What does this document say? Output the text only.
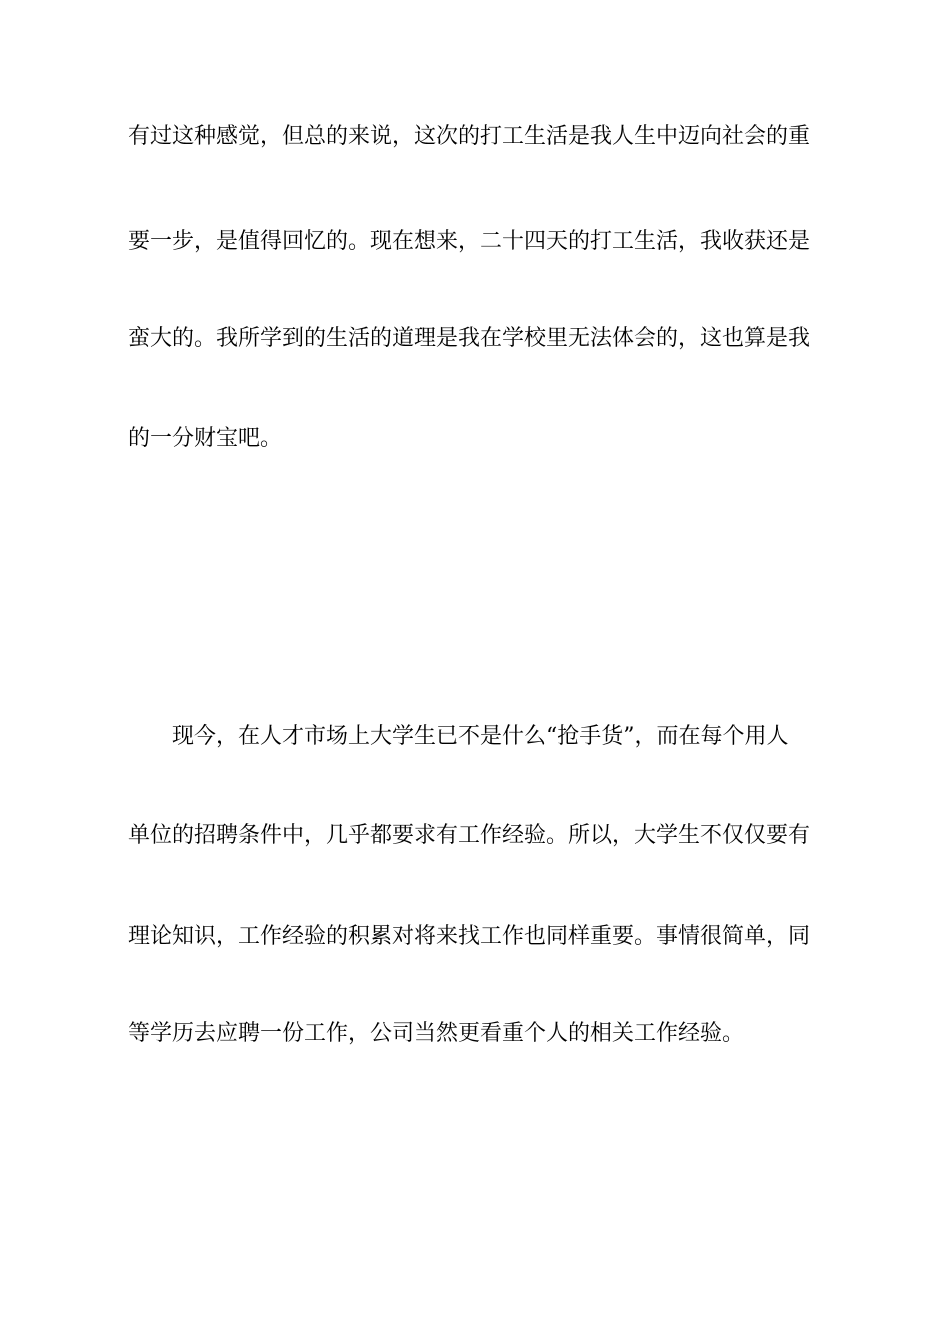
有过这种感觉，但总的来说，这次的打工生活是我人生中迈向社会的重
要一步，是值得回忆的。现在想来，二十四天的打工生活，我收获还是
蛮大的。我所学到的生活的道理是我在学校里无法体会的，这也算是我
的一分财宝吧。
现今，在人才市场上大学生已不是什么“抢手货”，而在每个用人
单位的招聘条件中，几乎都要求有工作经验。所以，大学生不仅仅要有
理论知识，工作经验的积累对将来找工作也同样重要。事情很简单，同
等学历去应聘一份工作，公司当然更看重个人的相关工作经验。
